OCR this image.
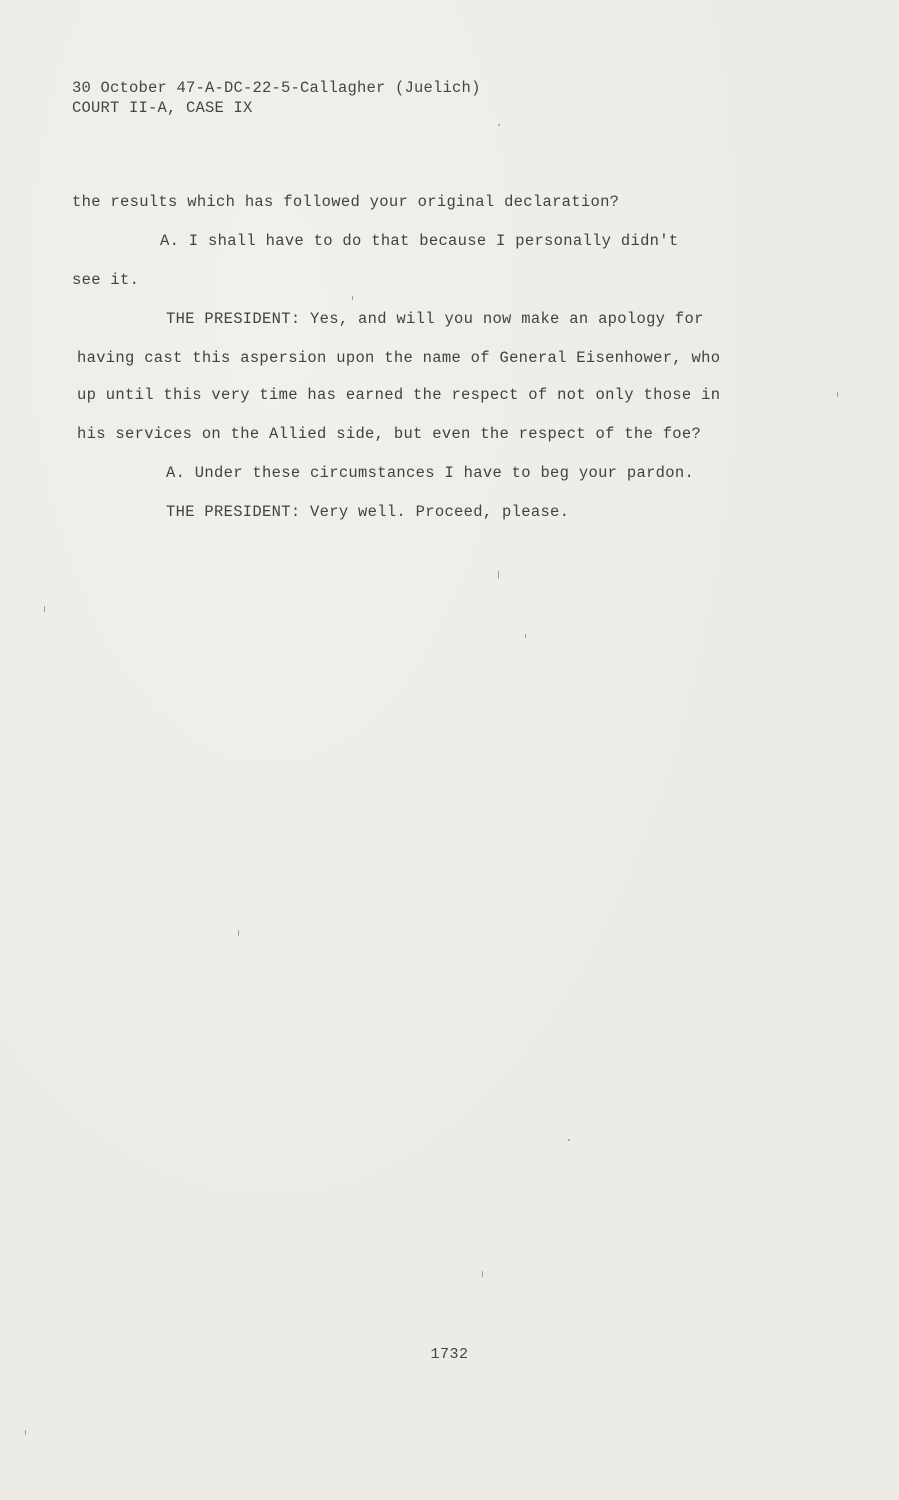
30 October 47-A-DC-22-5-Callagher (Juelich)
COURT II-A, CASE IX
the results which has followed your original declaration?
A. I shall have to do that because I personally didn't
see it.
THE PRESIDENT: Yes, and will you now make an apology for
having cast this aspersion upon the name of General Eisenhower, who
up until this very time has earned the respect of not only those in
his services on the Allied side, but even the respect of the foe?
A. Under these circumstances I have to beg your pardon.
THE PRESIDENT: Very well. Proceed, please.
1732
